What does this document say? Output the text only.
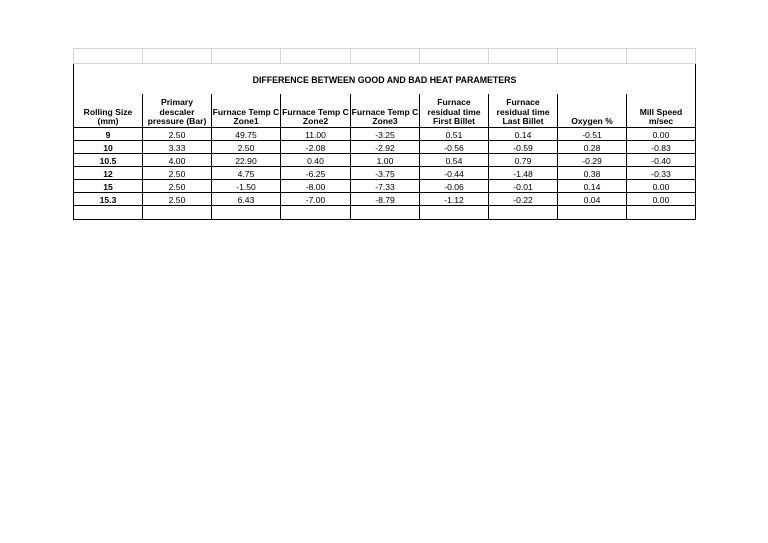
DIFFERENCE BETWEEN GOOD AND BAD HEAT PARAMETERS								
Rolling Size (mm)	Primary descaler pressure (Bar)	Furnace Temp C Zone1	Furnace Temp C Zone2	Furnace Temp C Zone3	Furnace residual time First Billet	Furnace residual time Last Billet	Oxygen %	Mill Speed m/sec
9	2.50	49.75	11.00	-3.25	0.51	0.14	-0.51	0.00
10	3.33	2.50	-2.08	-2.92	-0.56	-0.59	0.28	-0.83
10.5	4.00	22.90	0.40	1.00	0.54	0.79	-0.29	-0.40
12	2.50	4.75	-6.25	-3.75	-0.44	-1.48	0.38	-0.33
15	2.50	-1.50	-8.00	-7.33	-0.06	-0.01	0.14	0.00
15.3	2.50	6.43	-7.00	-8.79	-1.12	-0.22	0.04	0.00
